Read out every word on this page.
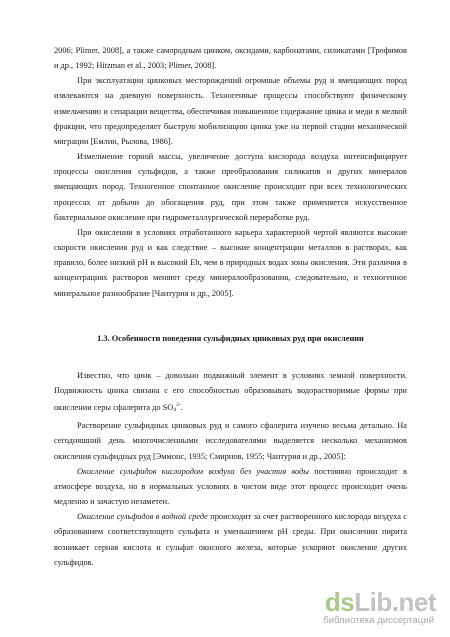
2006; Plimer, 2008], а также самородным цинком, оксидами, карбонатами, силикатами [Трофимов и др., 1992; Hitzman et al., 2003; Plimer, 2008].

При эксплуатации цинковых месторождений огромные объемы руд и вмещающих пород извлекаются на дневную поверхность. Техногенные процессы способствуют физическому измельчению и сепарации вещества, обеспечивая повышенное содержание цинка и меди в мелкой фракции, что предопределяет быструю мобилизацию цинка уже на первой стадии механической миграции [Емлин, Рылова, 1986].

Измельчение горной массы, увеличение доступа кислорода воздуха интенсифицирует процессы окисления сульфидов, а также преобразования силикатов и других минералов вмещающих пород. Техногенное спонтанное окисление происходит при всех технологических процессах от добычи до обогащения руд, при этом также применяется искусственное бактериальное окисление при гидрометаллургической переработке руд.

При окислении в условиях отработанного карьера характерной чертой являются высокие скорости окисления руд и как следствие – высокие концентрации металлов в растворах, как правило, более низкий pH и высокий Eh, чем в природных водах зоны окисления. Эти различия в концентрациях растворов меняют среду минералообразования, следовательно, и техногенное минеральное разнообразие [Чантурия и др., 2005].

1.3. Особенности поведения сульфидных цинковых руд при окислении

Известно, что цинк – довольно подвижный элемент в условиях земной поверхности. Подвижность цинка связана с его способностью образовывать водорастворимые формы при окислении серы сфалерита до $SO_4^{2-}$.

Растворение сульфидных цинковых руд и самого сфалерита изучено весьма детально. На сегодняшний день многочисленными исследователями выделяется несколько механизмов окисления сульфидных руд [Эммонс, 1935; Смирнов, 1955; Чантурия и др., 2005]:

Окисление сульфидов кислородом воздуха без участия воды постоянно происходит в атмосфере воздуха, но в нормальных условиях в чистом виде этот процесс происходит очень медленно и зачастую незаметен.

Окисление сульфидов в водной среде происходит за счет растворенного кислорода воздуха с образованием соответствующего сульфата и уменьшением pH среды. При окислении пирита возникает серная кислота и сульфат окисного железа, которые ускоряют окисление других сульфидов.

dsLib.net
библиотека диссертаций
